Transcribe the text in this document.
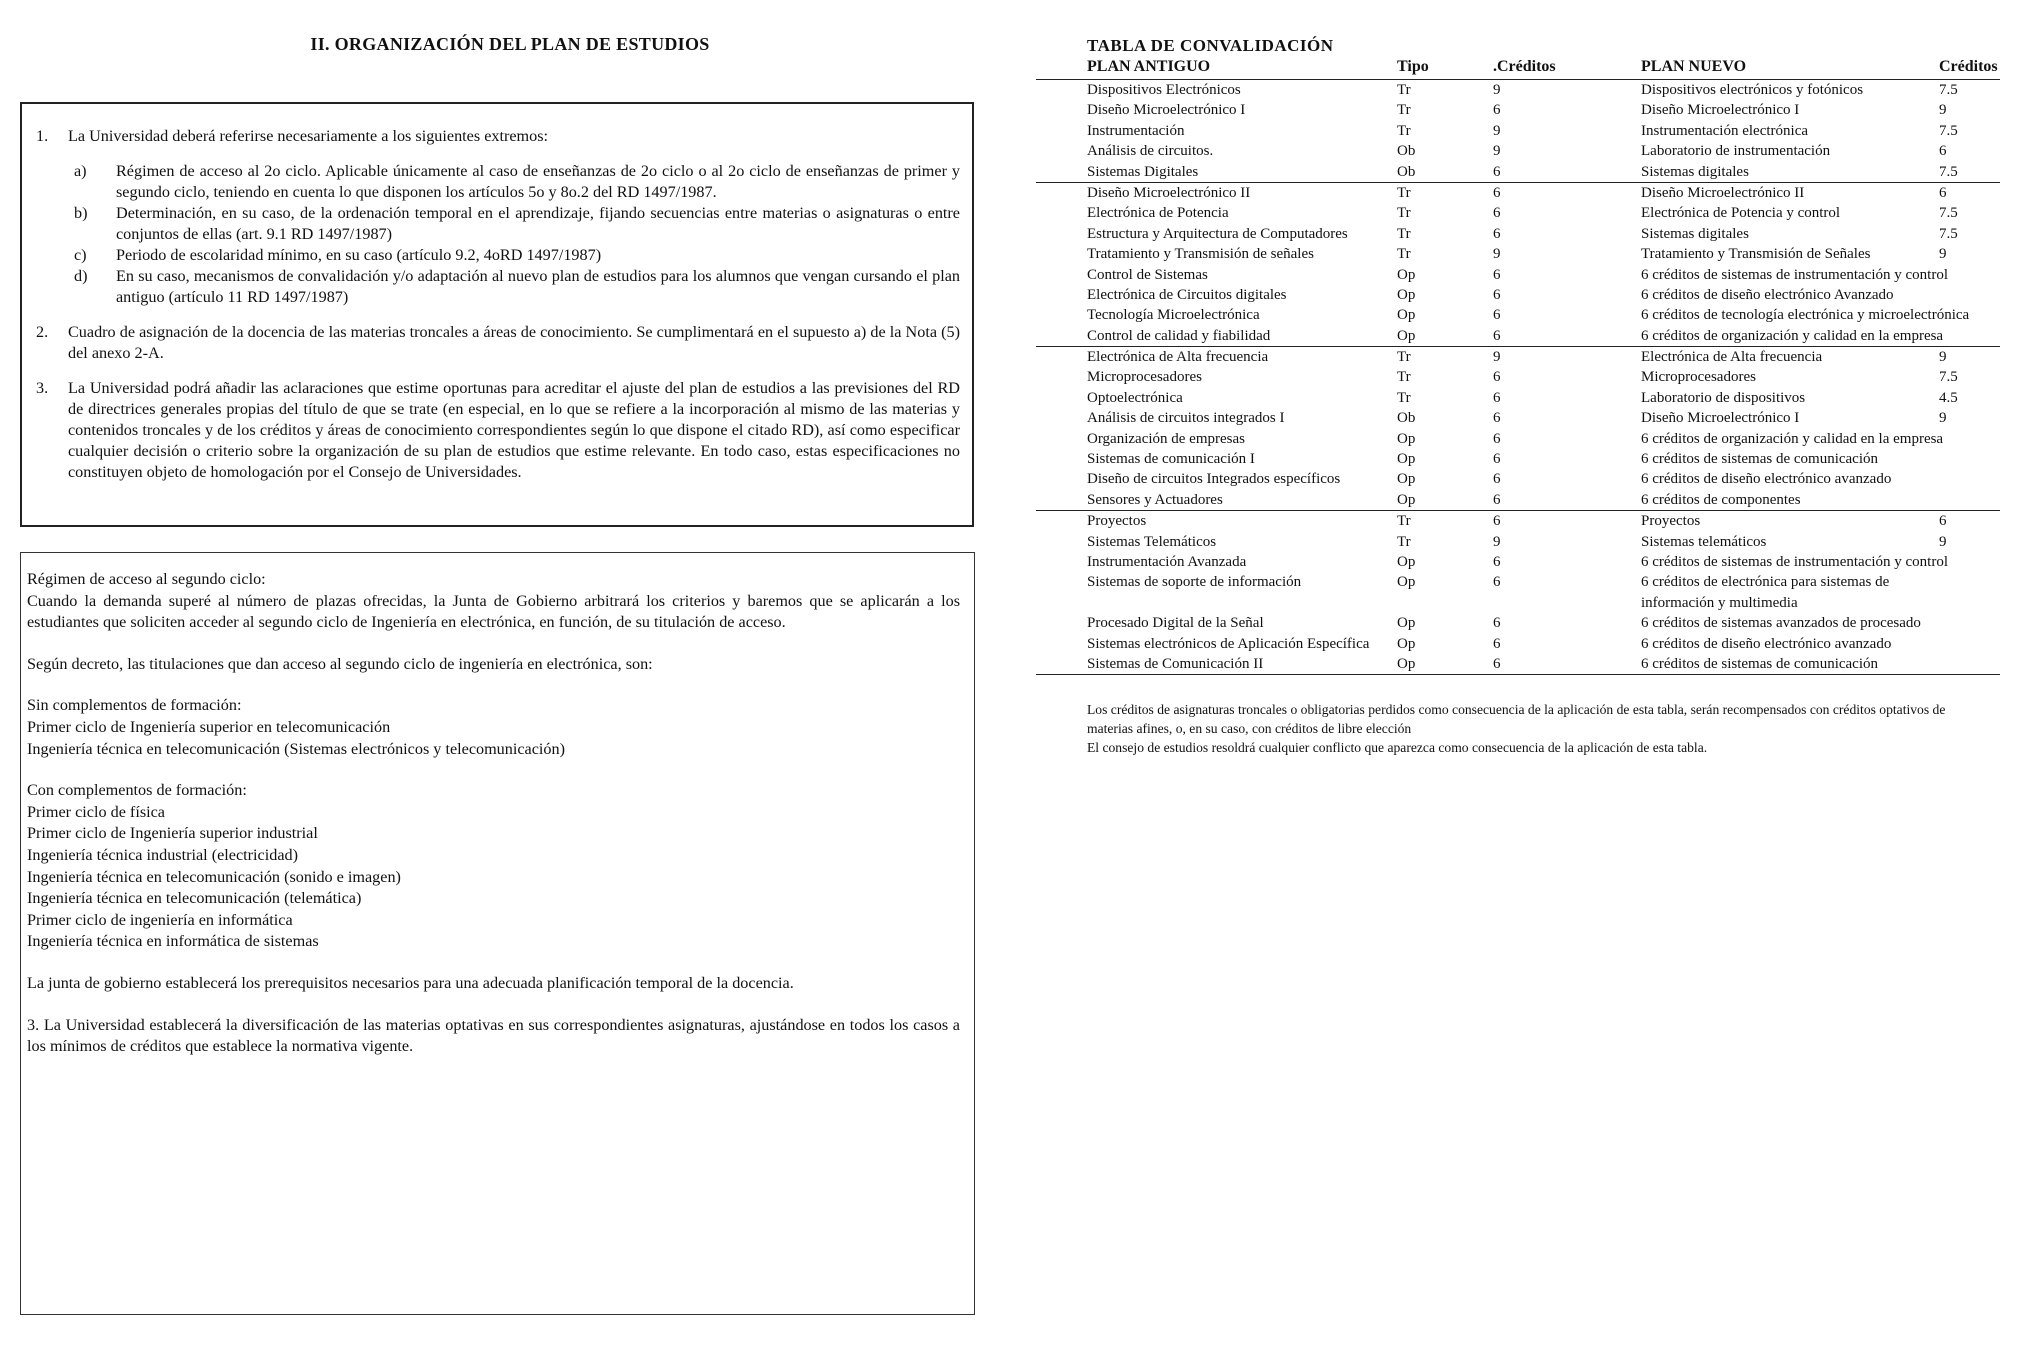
II. ORGANIZACIÓN DEL PLAN DE ESTUDIOS
1.	La Universidad deberá referirse necesariamente a los siguientes extremos:
a)	Régimen de acceso al 2o ciclo. Aplicable únicamente al caso de enseñanzas de 2o ciclo o al 2o ciclo de enseñanzas de primer y segundo ciclo, teniendo en cuenta lo que disponen los artículos 5o y 8o.2 del RD 1497/1987.
b)	Determinación, en su caso, de la ordenación temporal en el aprendizaje, fijando secuencias entre materias o asignaturas o entre conjuntos de ellas (art. 9.1 RD 1497/1987)
c)	Periodo de escolaridad mínimo, en su caso (artículo 9.2, 4oRD 1497/1987)
d)	En su caso, mecanismos de convalidación y/o adaptación al nuevo plan de estudios para los alumnos que vengan cursando el plan antiguo (artículo 11 RD 1497/1987)
2.	Cuadro de asignación de la docencia de las materias troncales a áreas de conocimiento. Se cumplimentará en el supuesto a) de la Nota (5) del anexo 2-A.
3.	La Universidad podrá añadir las aclaraciones que estime oportunas para acreditar el ajuste del plan de estudios a las previsiones del RD de directrices generales propias del título de que se trate (en especial, en lo que se refiere a la incorporación al mismo de las materias y contenidos troncales y de los créditos y áreas de conocimiento correspondientes según lo que dispone el citado RD), así como especificar cualquier decisión o criterio sobre la organización de su plan de estudios que estime relevante. En todo caso, estas especificaciones no constituyen objeto de homologación por el Consejo de Universidades.
Régimen de acceso al segundo ciclo:
Cuando la demanda superé al número de plazas ofrecidas, la Junta de Gobierno arbitrará los criterios y baremos que se aplicarán a los estudiantes que soliciten acceder al segundo ciclo de Ingeniería en electrónica, en función, de su titulación de acceso.
Según decreto, las titulaciones que dan acceso al segundo ciclo de ingeniería en electrónica, son:
Sin complementos de formación:
Primer ciclo de Ingeniería superior en telecomunicación
Ingeniería técnica en telecomunicación (Sistemas electrónicos y telecomunicación)
Con complementos de formación:
Primer ciclo de física
Primer ciclo de Ingeniería superior industrial
Ingeniería técnica industrial (electricidad)
Ingeniería técnica en telecomunicación (sonido e imagen)
Ingeniería técnica en telecomunicación (telemática)
Primer ciclo de ingeniería en informática
Ingeniería técnica en informática de sistemas
La junta de gobierno establecerá los prerequisitos necesarios para una adecuada planificación temporal de la docencia.
3. La Universidad establecerá la diversificación de las materias optativas en sus correspondientes asignaturas, ajustándose en todos los casos a los mínimos de créditos que establece la normativa vigente.
TABLA DE CONVALIDACIÓN
PLAN ANTIGUO	Tipo	.Créditos	PLAN NUEVO	Créditos
Dispositivos Electrónicos	Tr	9	Dispositivos electrónicos y fotónicos	7.5
Diseño Microelectrónico I	Tr	6	Diseño Microelectrónico I	9
Instrumentación	Tr	9	Instrumentación electrónica	7.5
Análisis de circuitos.	Ob	9	Laboratorio de instrumentación	6
Sistemas Digitales	Ob	6	Sistemas digitales	7.5
Diseño Microelectrónico II	Tr	6	Diseño Microelectrónico II	6
Electrónica de Potencia	Tr	6	Electrónica de Potencia y control	7.5
Estructura y Arquitectura de Computadores	Tr	6	Sistemas digitales	7.5
Tratamiento y Transmisión de señales	Tr	9	Tratamiento y Transmisión de Señales	9
Control de Sistemas	Op	6	6 créditos de sistemas de instrumentación y control
Electrónica de Circuitos digitales	Op	6	6 créditos de diseño electrónico Avanzado
Tecnología Microelectrónica	Op	6	6 créditos de tecnología electrónica y microelectrónica
Control de calidad y fiabilidad	Op	6	6 créditos de organización y calidad en la empresa
Electrónica de Alta frecuencia	Tr	9	Electrónica de Alta frecuencia	9
Microprocesadores	Tr	6	Microprocesadores	7.5
Optoelectrónica	Tr	6	Laboratorio de dispositivos	4.5
Análisis de circuitos integrados I	Ob	6	Diseño Microelectrónico I	9
Organización de empresas	Op	6	6 créditos de organización y calidad en la empresa
Sistemas de comunicación I	Op	6	6 créditos de sistemas de comunicación
Diseño de circuitos Integrados específicos	Op	6	6 créditos de diseño electrónico avanzado
Sensores y Actuadores	Op	6	6 créditos de componentes
Proyectos	Tr	6	Proyectos	6
Sistemas Telemáticos	Tr	9	Sistemas telemáticos	9
Instrumentación Avanzada	Op	6	6 créditos de sistemas de instrumentación y control
Sistemas de soporte de información	Op	6	6 créditos de electrónica para sistemas de información y multimedia
Procesado Digital de la Señal	Op	6	6 créditos de sistemas avanzados de procesado
Sistemas electrónicos de Aplicación Específica	Op	6	6 créditos de diseño electrónico avanzado
Sistemas de Comunicación II	Op	6	6 créditos de sistemas de comunicación
Los créditos de asignaturas troncales o obligatorias perdidos como consecuencia de la aplicación de esta tabla, serán recompensados con créditos optativos de materias afines, o, en su caso, con créditos de libre elección
El consejo de estudios resoldrá cualquier conflicto que aparezca como consecuencia de la aplicación de esta tabla.
